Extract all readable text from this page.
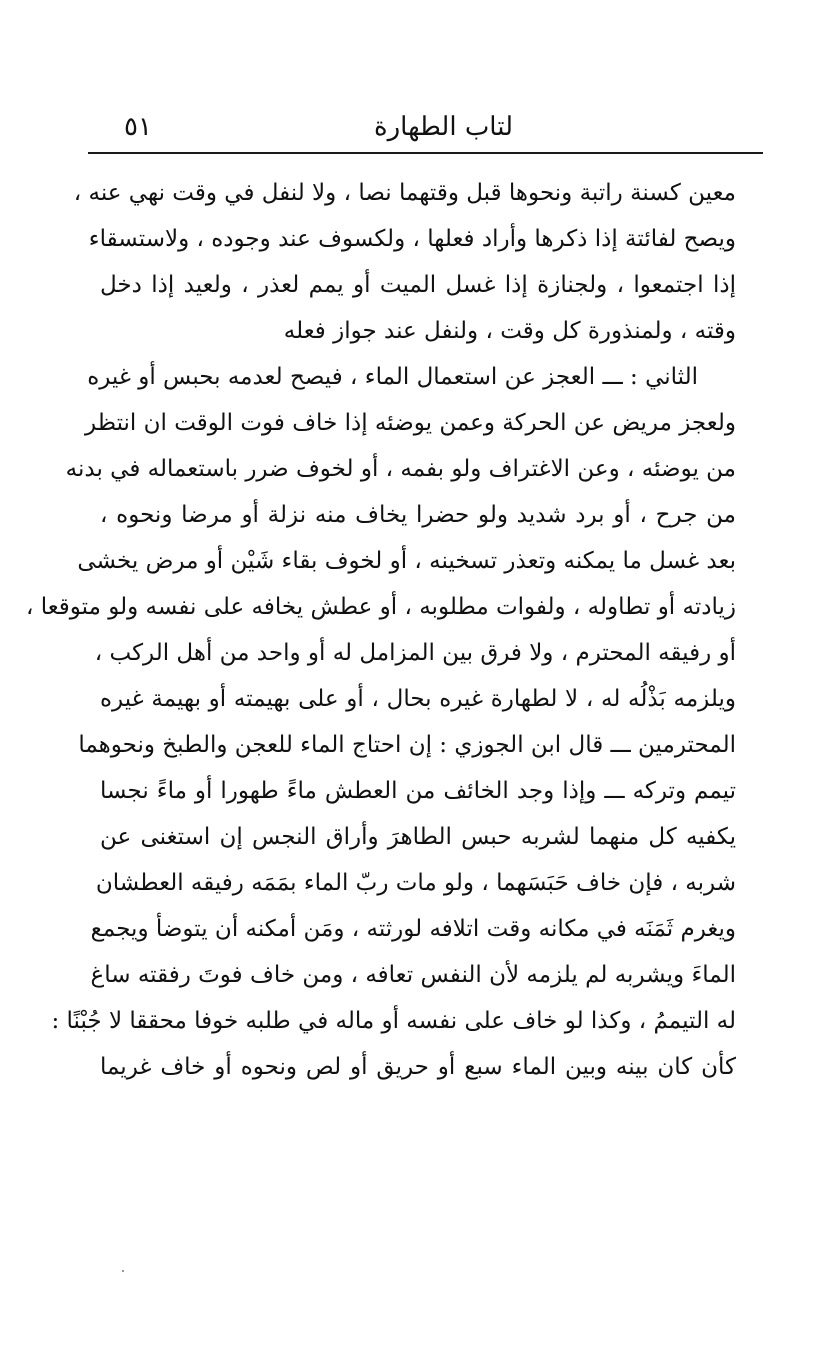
لتاب الطهارة
٥١
معين كسنة راتبة ونحوها قبل وقتهما نصا ، ولا لنفل في وقت نهي عنه ،
ويصح لفائتة إذا ذكرها وأراد فعلها ، ولكسوف عند وجوده ، ولاستسقاء
إذا اجتمعوا ، ولجنازة إذا غسل الميت أو يمم لعذر ، ولعيد إذا دخل
وقته ، ولمنذورة كل وقت ، ولنفل عند جواز فعله
الثاني : ـــ العجز عن استعمال الماء ، فيصح لعدمه بحبس أو غيره
ولعجز مريض عن الحركة وعمن يوضئه إذا خاف فوت الوقت ان انتظر
من يوضئه ، وعن الاغتراف ولو بفمه ، أو لخوف ضرر باستعماله في بدنه
من جرح ، أو برد شديد ولو حضرا يخاف منه نزلة أو مرضا ونحوه ،
بعد غسل ما يمكنه وتعذر تسخينه ، أو لخوف بقاء شَيْن أو مرض يخشى
زيادته أو تطاوله ، ولفوات مطلوبه ، أو عطش يخافه على نفسه ولو متوقعا ،
أو رفيقه المحترم ، ولا فرق بين المزامل له أو واحد من أهل الركب ،
ويلزمه بَذْلُه له ، لا لطهارة غيره بحال ، أو على بهيمته أو بهيمة غيره
المحترمين ـــ قال ابن الجوزي : إن احتاج الماء للعجن والطبخ ونحوهما
تيمم وتركه ـــ وإذا وجد الخائف من العطش ماءً طهورا أو ماءً نجسا
يكفيه كل منهما لشربه حبس الطاهرَ وأراق النجس إن استغنى عن
شربه ، فإن خاف حَبَسَهما ، ولو مات ربّ الماء بمَمَه رفيقه العطشان
ويغرم ثَمَنَه في مكانه وقت اتلافه لورثته ، ومَن أمكنه أن يتوضأ ويجمع
الماءَ ويشربه لم يلزمه لأن النفس تعافه ، ومن خاف فوتَ رفقته ساغ
له التيممُ ، وكذا لو خاف على نفسه أو ماله في طلبه خوفا محققا لا جُبْنًا :
كأن كان بينه وبين الماء سبع أو حريق أو لص ونحوه أو خاف غريما
